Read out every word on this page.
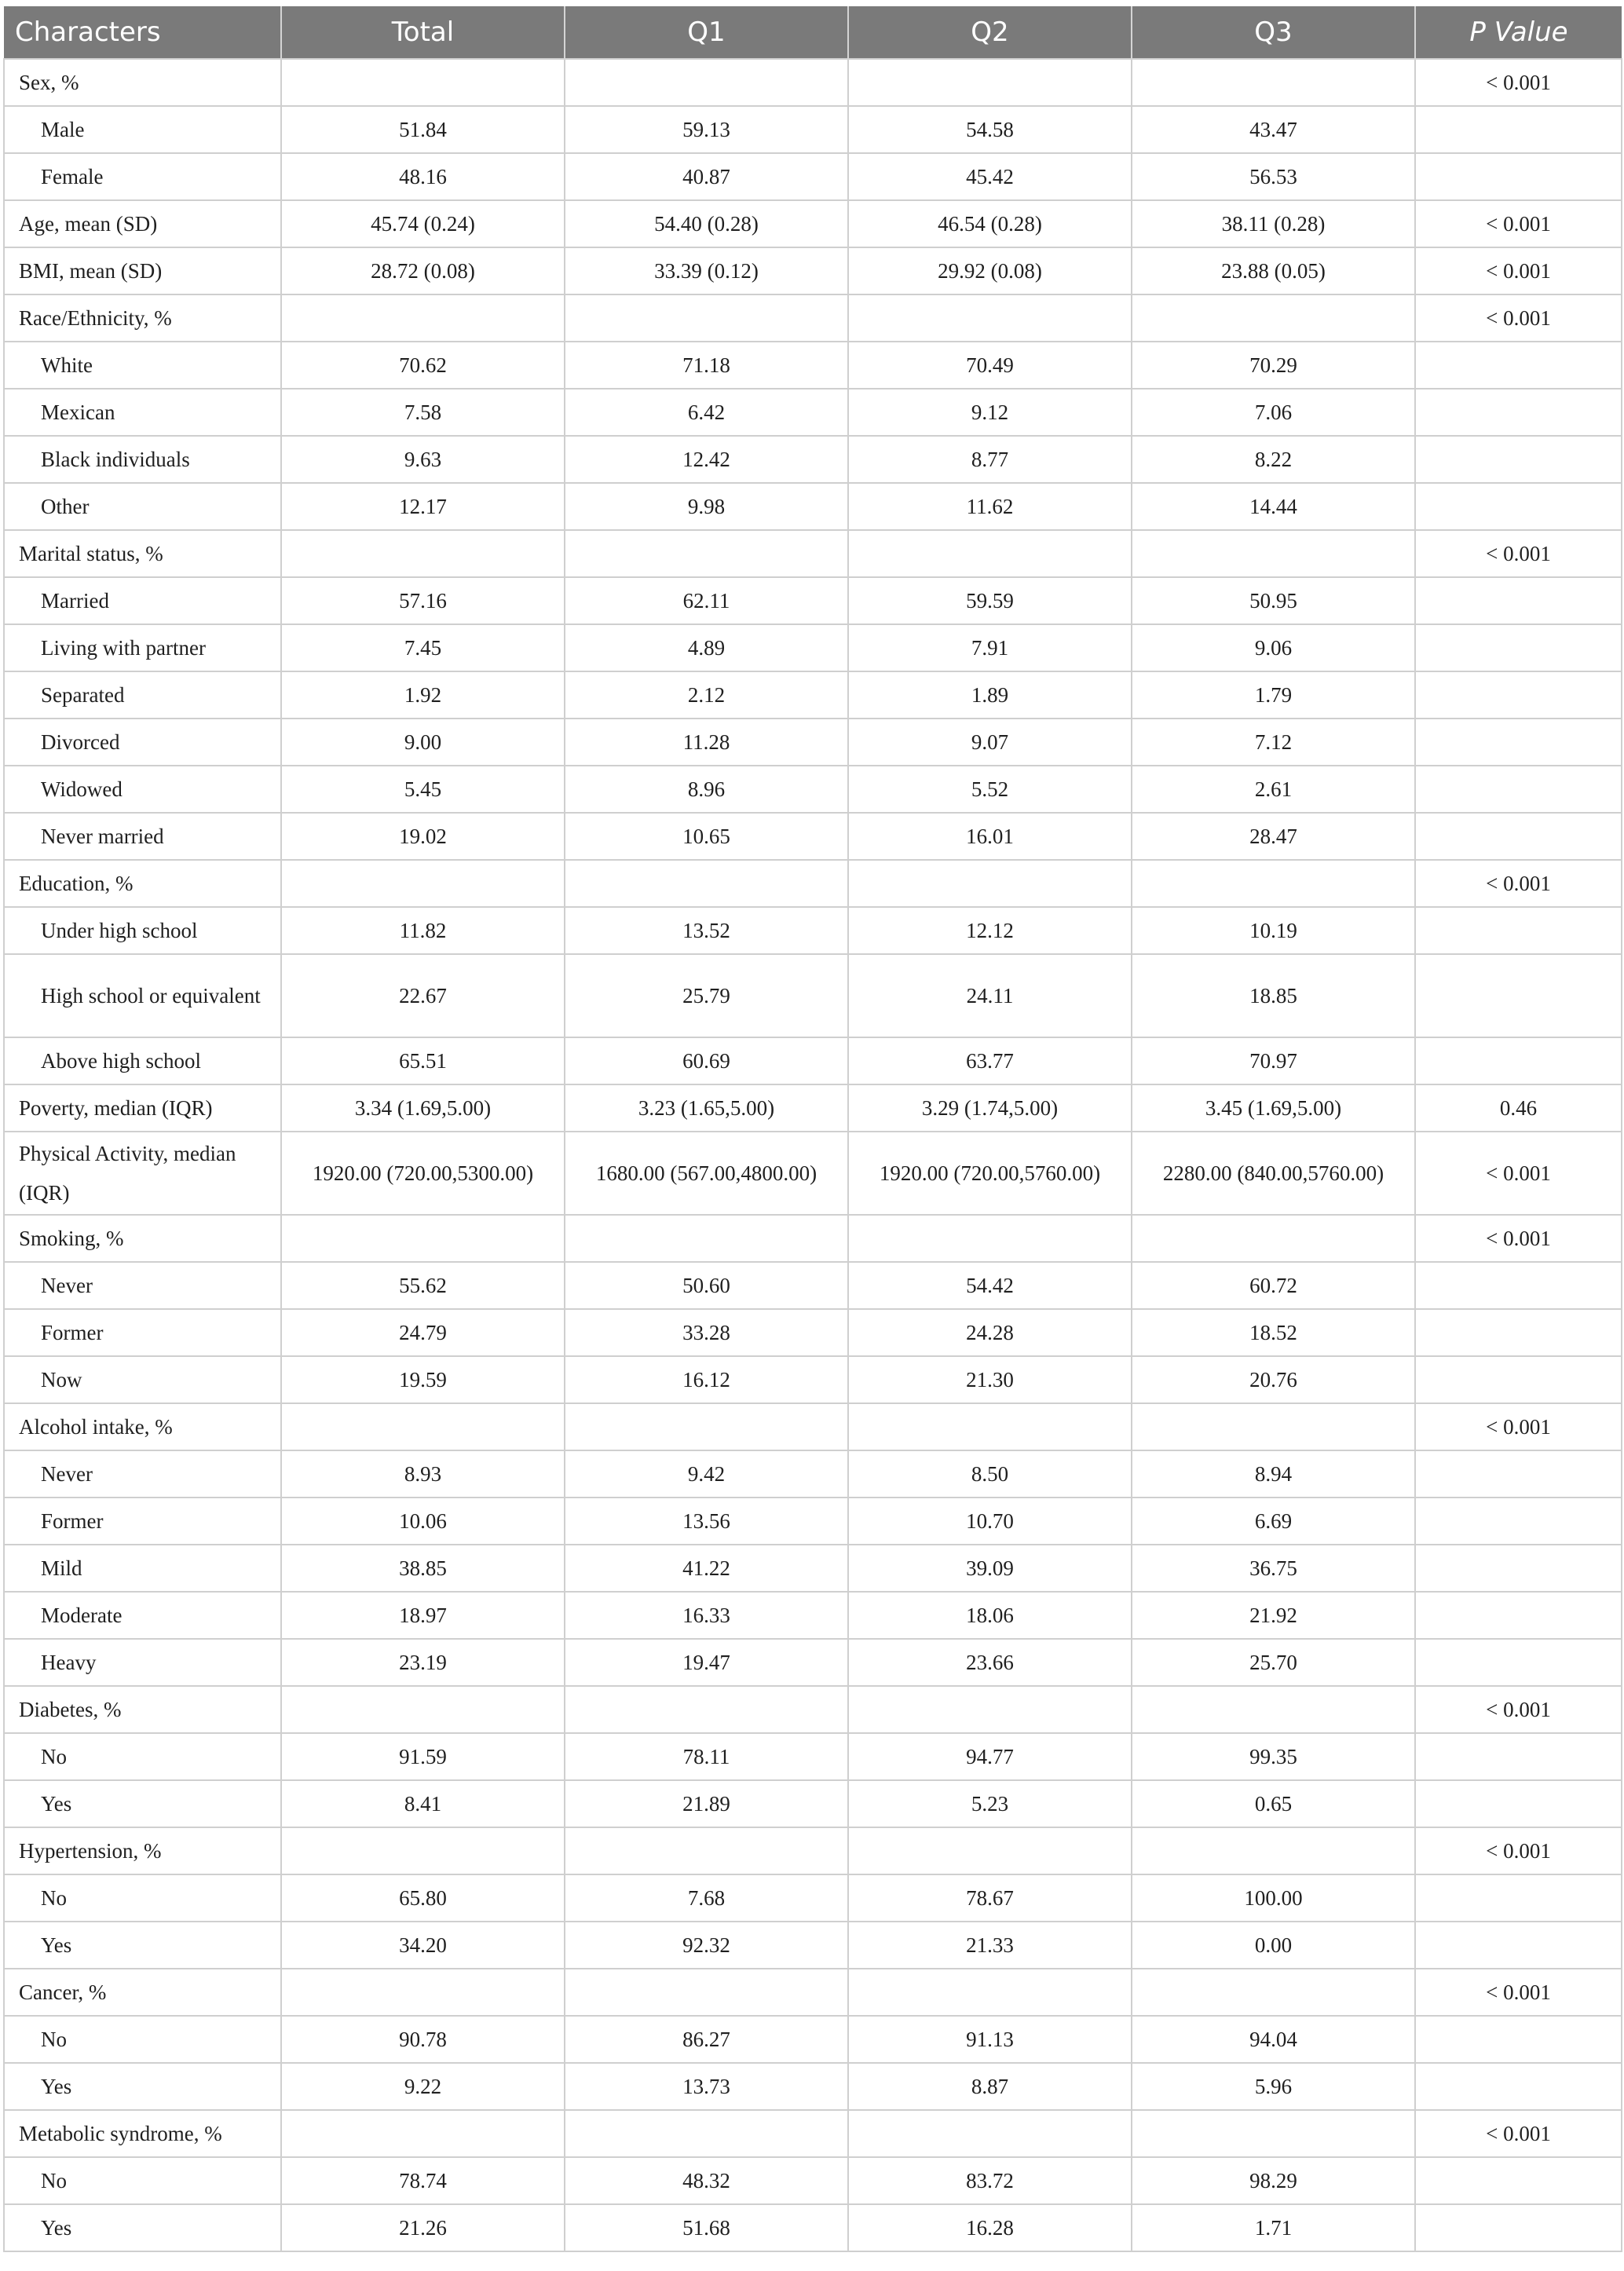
Characters	Total	Q1	Q2	Q3	P Value
Sex, %					< 0.001
Male	51.84	59.13	54.58	43.47	
Female	48.16	40.87	45.42	56.53	
Age, mean (SD)	45.74 (0.24)	54.40 (0.28)	46.54 (0.28)	38.11 (0.28)	< 0.001
BMI, mean (SD)	28.72 (0.08)	33.39 (0.12)	29.92 (0.08)	23.88 (0.05)	< 0.001
Race/Ethnicity, %					< 0.001
White	70.62	71.18	70.49	70.29	
Mexican	7.58	6.42	9.12	7.06	
Black individuals	9.63	12.42	8.77	8.22	
Other	12.17	9.98	11.62	14.44	
Marital status, %					< 0.001
Married	57.16	62.11	59.59	50.95	
Living with partner	7.45	4.89	7.91	9.06	
Separated	1.92	2.12	1.89	1.79	
Divorced	9.00	11.28	9.07	7.12	
Widowed	5.45	8.96	5.52	2.61	
Never married	19.02	10.65	16.01	28.47	
Education, %					< 0.001
Under high school	11.82	13.52	12.12	10.19	
High school or equivalent	22.67	25.79	24.11	18.85	
Above high school	65.51	60.69	63.77	70.97	
Poverty, median (IQR)	3.34 (1.69,5.00)	3.23 (1.65,5.00)	3.29 (1.74,5.00)	3.45 (1.69,5.00)	0.46
Physical Activity, median (IQR)	1920.00 (720.00,5300.00)	1680.00 (567.00,4800.00)	1920.00 (720.00,5760.00)	2280.00 (840.00,5760.00)	< 0.001
Smoking, %					< 0.001
Never	55.62	50.60	54.42	60.72	
Former	24.79	33.28	24.28	18.52	
Now	19.59	16.12	21.30	20.76	
Alcohol intake, %					< 0.001
Never	8.93	9.42	8.50	8.94	
Former	10.06	13.56	10.70	6.69	
Mild	38.85	41.22	39.09	36.75	
Moderate	18.97	16.33	18.06	21.92	
Heavy	23.19	19.47	23.66	25.70	
Diabetes, %					< 0.001
No	91.59	78.11	94.77	99.35	
Yes	8.41	21.89	5.23	0.65	
Hypertension, %					< 0.001
No	65.80	7.68	78.67	100.00	
Yes	34.20	92.32	21.33	0.00	
Cancer, %					< 0.001
No	90.78	86.27	91.13	94.04	
Yes	9.22	13.73	8.87	5.96	
Metabolic syndrome, %					< 0.001
No	78.74	48.32	83.72	98.29	
Yes	21.26	51.68	16.28	1.71	
